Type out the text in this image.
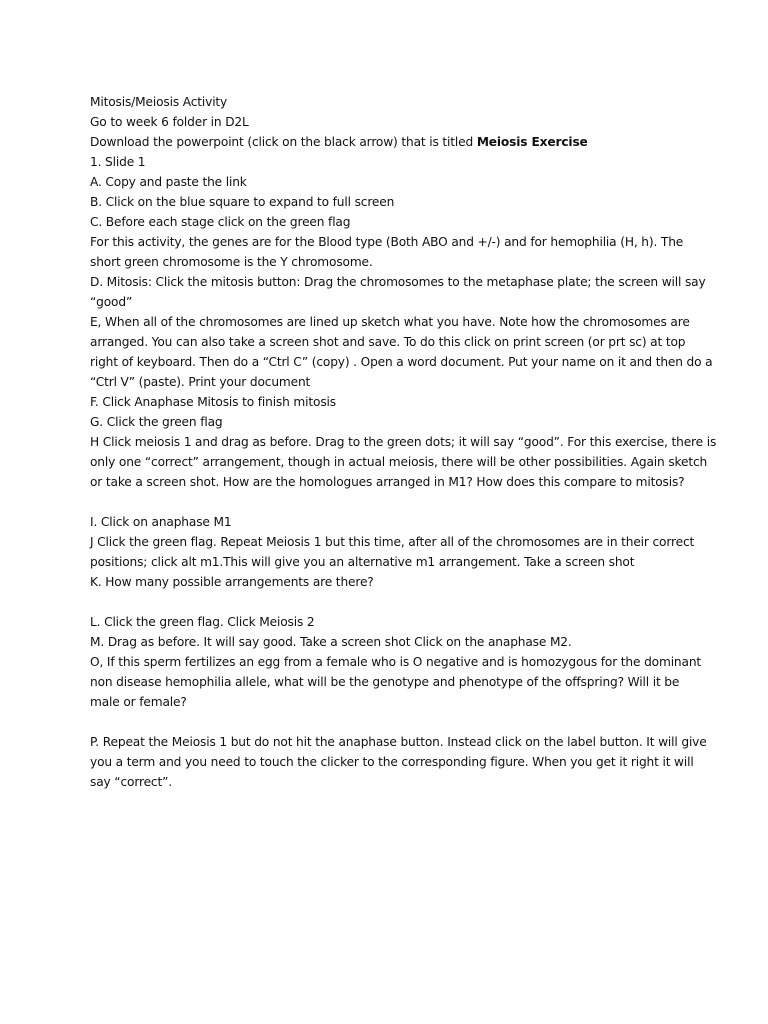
Mitosis/Meiosis Activity
Go to week 6 folder in D2L
Download the powerpoint (click on the black arrow) that is titled Meiosis Exercise
1. Slide 1
A. Copy and paste the link
B. Click on the blue square to expand to full screen
C. Before each stage click on the green flag
For this activity, the genes are for the Blood type (Both ABO and +/-) and for hemophilia (H, h). The
short green chromosome is the Y chromosome.
D. Mitosis: Click the mitosis button: Drag the chromosomes to the metaphase plate; the screen will say
“good”
E, When all of the chromosomes are lined up sketch what you have. Note how the chromosomes are
arranged. You can also take a screen shot and save. To do this click on print screen (or prt sc) at top
right of keyboard. Then do a “Ctrl C” (copy) . Open a word document. Put your name on it and then do a
“Ctrl V” (paste). Print your document
F. Click Anaphase Mitosis to finish mitosis
G. Click the green flag
H Click meiosis 1 and drag as before. Drag to the green dots; it will say “good”. For this exercise, there is
only one “correct” arrangement, though in actual meiosis, there will be other possibilities. Again sketch
or take a screen shot. How are the homologues arranged in M1? How does this compare to mitosis?
I. Click on anaphase M1
J Click the green flag. Repeat Meiosis 1 but this time, after all of the chromosomes are in their correct
positions; click alt m1.This will give you an alternative m1 arrangement. Take a screen shot
K. How many possible arrangements are there?
L. Click the green flag. Click Meiosis 2
M. Drag as before. It will say good. Take a screen shot Click on the anaphase M2.
O, If this sperm fertilizes an egg from a female who is O negative and is homozygous for the dominant
non disease hemophilia allele, what will be the genotype and phenotype of the offspring? Will it be
male or female?
P. Repeat the Meiosis 1 but do not hit the anaphase button. Instead click on the label button. It will give
you a term and you need to touch the clicker to the corresponding figure. When you get it right it will
say “correct”.
